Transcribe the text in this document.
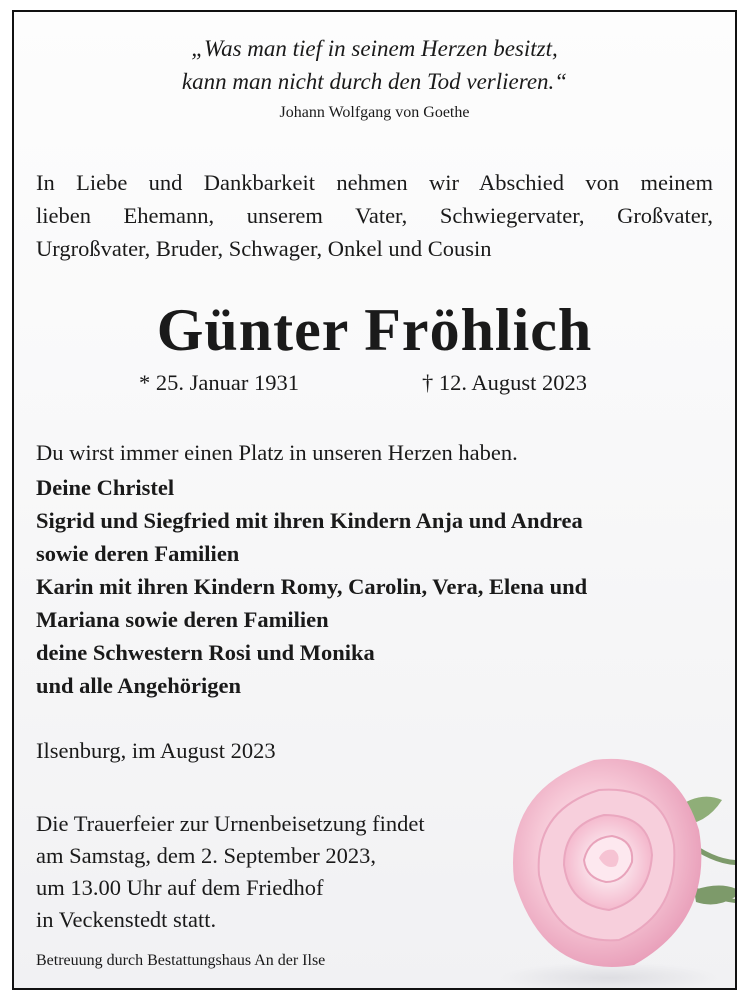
„Was man tief in seinem Herzen besitzt,
kann man nicht durch den Tod verlieren.“
Johann Wolfgang von Goethe
In Liebe und Dankbarkeit nehmen wir Abschied von meinem
lieben Ehemann, unserem Vater, Schwiegervater, Großvater,
Urgroßvater, Bruder, Schwager, Onkel und Cousin
Günter Fröhlich
* 25. Januar 1931	† 12. August 2023
Du wirst immer einen Platz in unseren Herzen haben.
Deine Christel
Sigrid und Siegfried mit ihren Kindern Anja und Andrea
sowie deren Familien
Karin mit ihren Kindern Romy, Carolin, Vera, Elena und
Mariana sowie deren Familien
deine Schwestern Rosi und Monika
und alle Angehörigen
Ilsenburg, im August 2023
Die Trauerfeier zur Urnenbeisetzung findet
am Samstag, dem 2. September 2023,
um 13.00 Uhr auf dem Friedhof
in Veckenstedt statt.
Betreuung durch Bestattungshaus An der Ilse
